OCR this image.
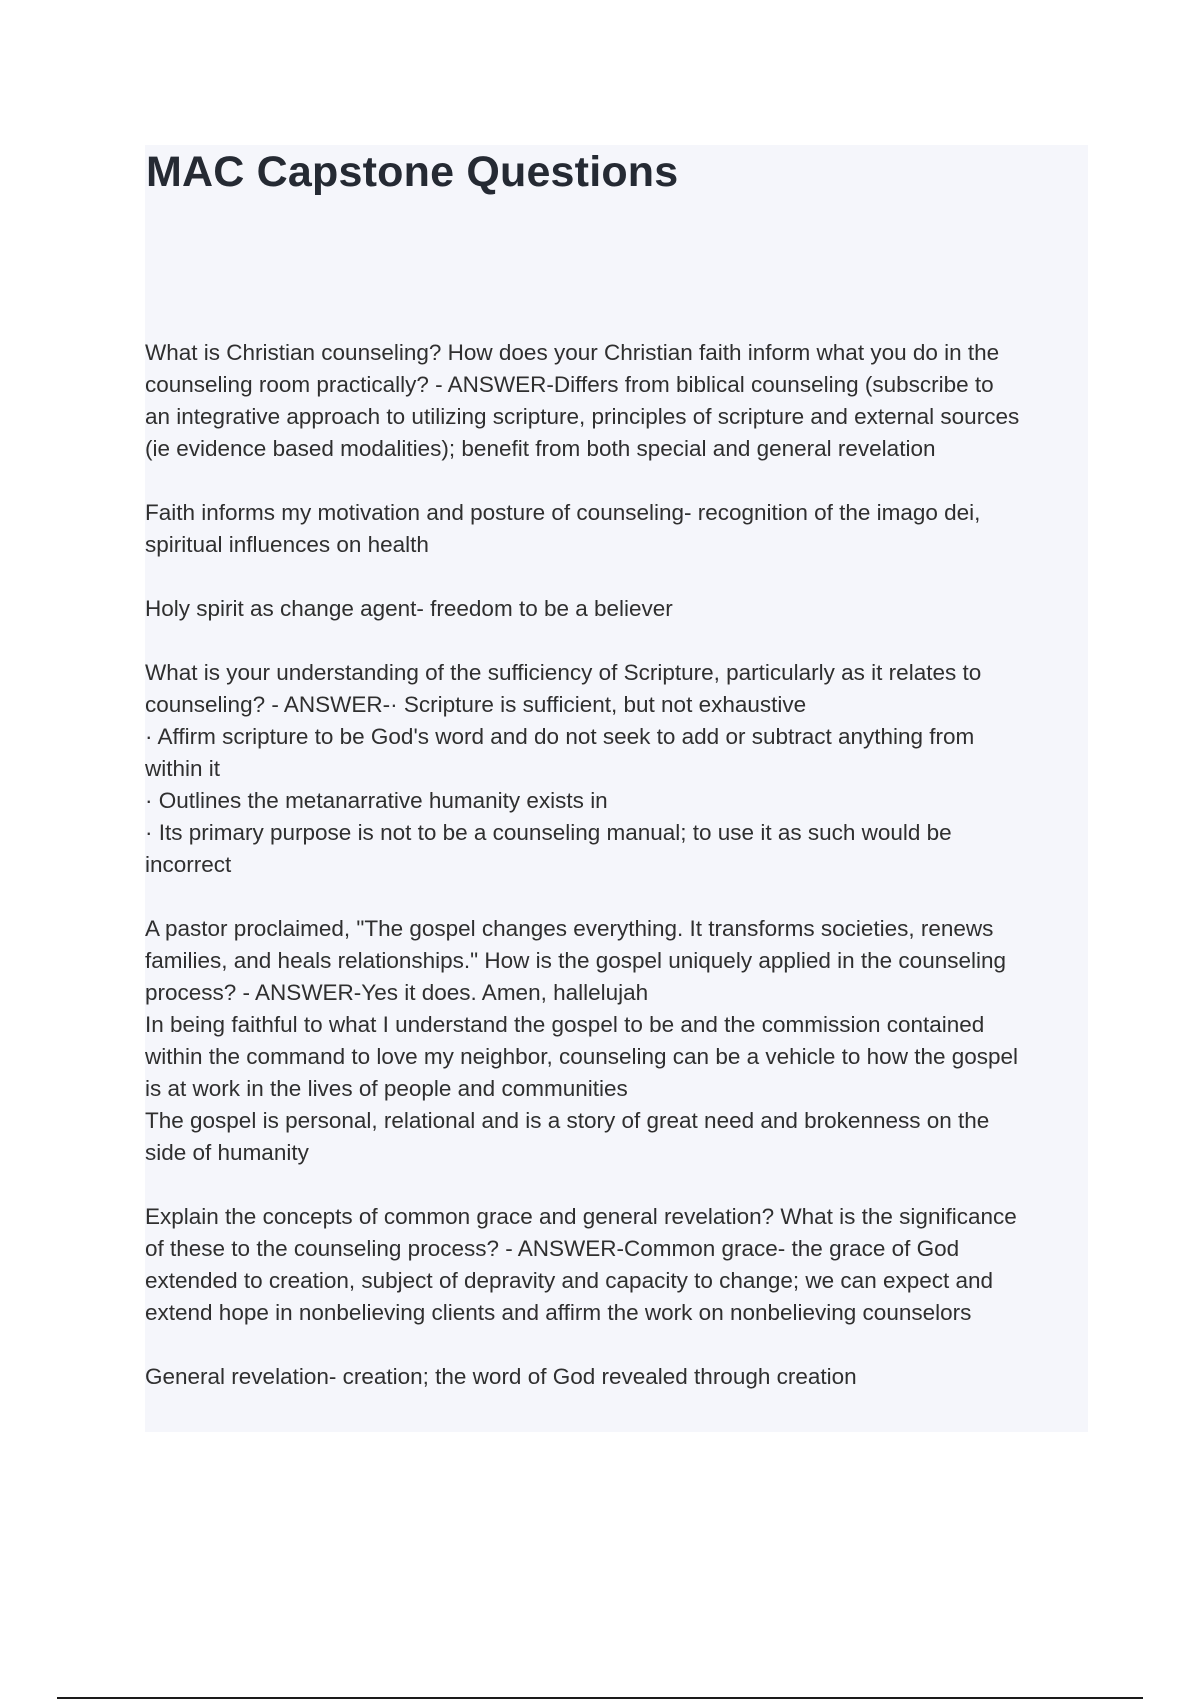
MAC Capstone Questions

What is Christian counseling? How does your Christian faith inform what you do in the
counseling room practically? - ANSWER-Differs from biblical counseling (subscribe to
an integrative approach to utilizing scripture, principles of scripture and external sources
(ie evidence based modalities); benefit from both special and general revelation

Faith informs my motivation and posture of counseling- recognition of the imago dei,
spiritual influences on health

Holy spirit as change agent- freedom to be a believer

What is your understanding of the sufficiency of Scripture, particularly as it relates to
counseling? - ANSWER-· Scripture is sufficient, but not exhaustive
· Affirm scripture to be God's word and do not seek to add or subtract anything from
within it
· Outlines the metanarrative humanity exists in
· Its primary purpose is not to be a counseling manual; to use it as such would be
incorrect

A pastor proclaimed, "The gospel changes everything. It transforms societies, renews
families, and heals relationships." How is the gospel uniquely applied in the counseling
process? - ANSWER-Yes it does. Amen, hallelujah
In being faithful to what I understand the gospel to be and the commission contained
within the command to love my neighbor, counseling can be a vehicle to how the gospel
is at work in the lives of people and communities
The gospel is personal, relational and is a story of great need and brokenness on the
side of humanity

Explain the concepts of common grace and general revelation? What is the significance
of these to the counseling process? - ANSWER-Common grace- the grace of God
extended to creation, subject of depravity and capacity to change; we can expect and
extend hope in nonbelieving clients and affirm the work on nonbelieving counselors

General revelation- creation; the word of God revealed through creation
